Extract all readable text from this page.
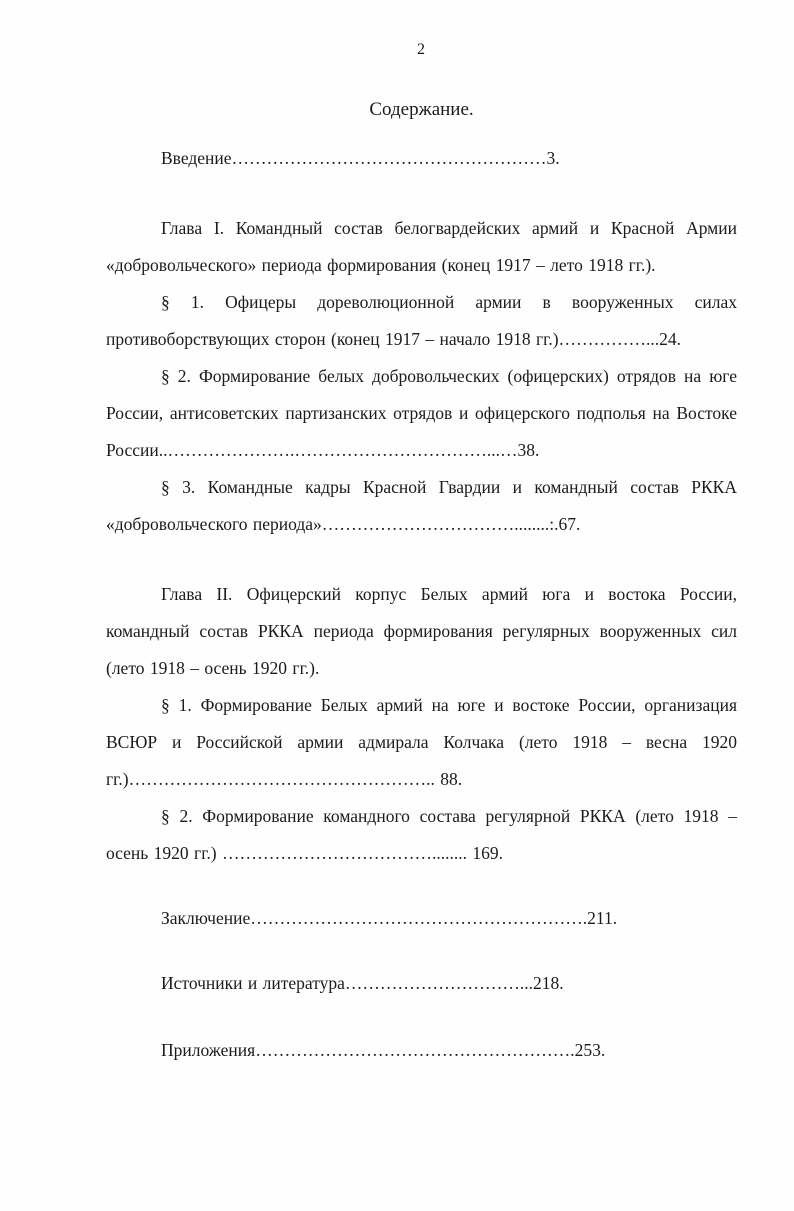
2
Содержание.

Введение………………………………………………3.

Глава I. Командный состав белогвардейских армий и Красной Армии «добровольческого» периода формирования (конец 1917 – лето 1918 гг.).

§ 1. Офицеры дореволюционной армии в вооруженных силах противоборствующих сторон (конец 1917 – начало 1918 гг.)……………...24.

§ 2. Формирование белых добровольческих (офицерских) отрядов на юге России, антисоветских партизанских отрядов и офицерского подполья на Востоке России..………………….……………………………...…38.

§ 3. Командные кадры Красной Гвардии и командный состав РККА «добровольческого периода»……………………………........:.67.

Глава II. Офицерский корпус Белых армий юга и востока России, командный состав РККА периода формирования регулярных вооруженных сил (лето 1918 – осень 1920 гг.).

§ 1. Формирование Белых армий на юге и востоке России, организация ВСЮР и Российской армии адмирала Колчака (лето 1918 – весна 1920 гг.)…………………………………………….. 88.

§ 2. Формирование командного состава регулярной РККА (лето 1918 – осень 1920 гг.) ………………………………........ 169.

Заключение………………………………………………….211.

Источники и литература…………………………...218.

Приложения……………………………………………….253.
